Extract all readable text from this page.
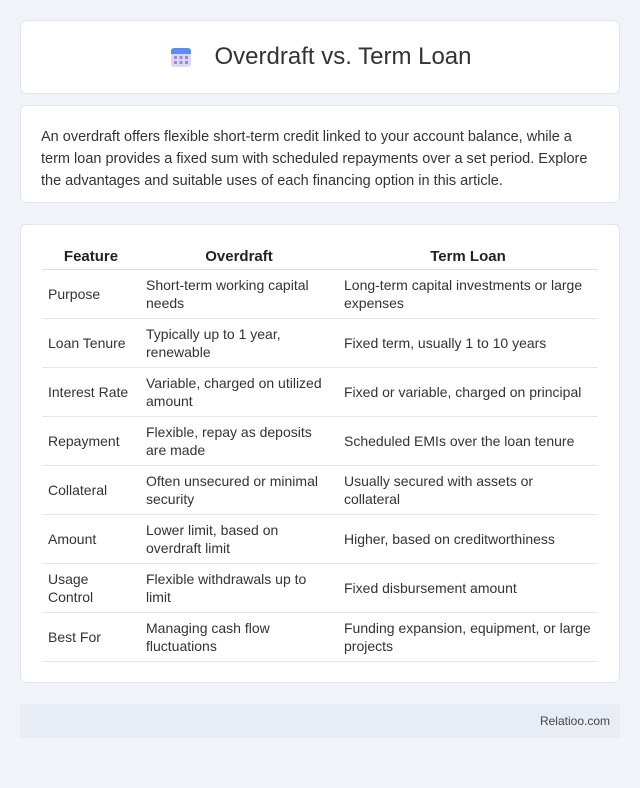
Overdraft vs. Term Loan

An overdraft offers flexible short-term credit linked to your account balance, while a term loan provides a fixed sum with scheduled repayments over a set period. Explore the advantages and suitable uses of each financing option in this article.

Feature	Overdraft	Term Loan
Purpose	Short-term working capital needs	Long-term capital investments or large expenses
Loan Tenure	Typically up to 1 year, renewable	Fixed term, usually 1 to 10 years
Interest Rate	Variable, charged on utilized amount	Fixed or variable, charged on principal
Repayment	Flexible, repay as deposits are made	Scheduled EMIs over the loan tenure
Collateral	Often unsecured or minimal security	Usually secured with assets or collateral
Amount	Lower limit, based on overdraft limit	Higher, based on creditworthiness
Usage Control	Flexible withdrawals up to limit	Fixed disbursement amount
Best For	Managing cash flow fluctuations	Funding expansion, equipment, or large projects
Relatioo.com
